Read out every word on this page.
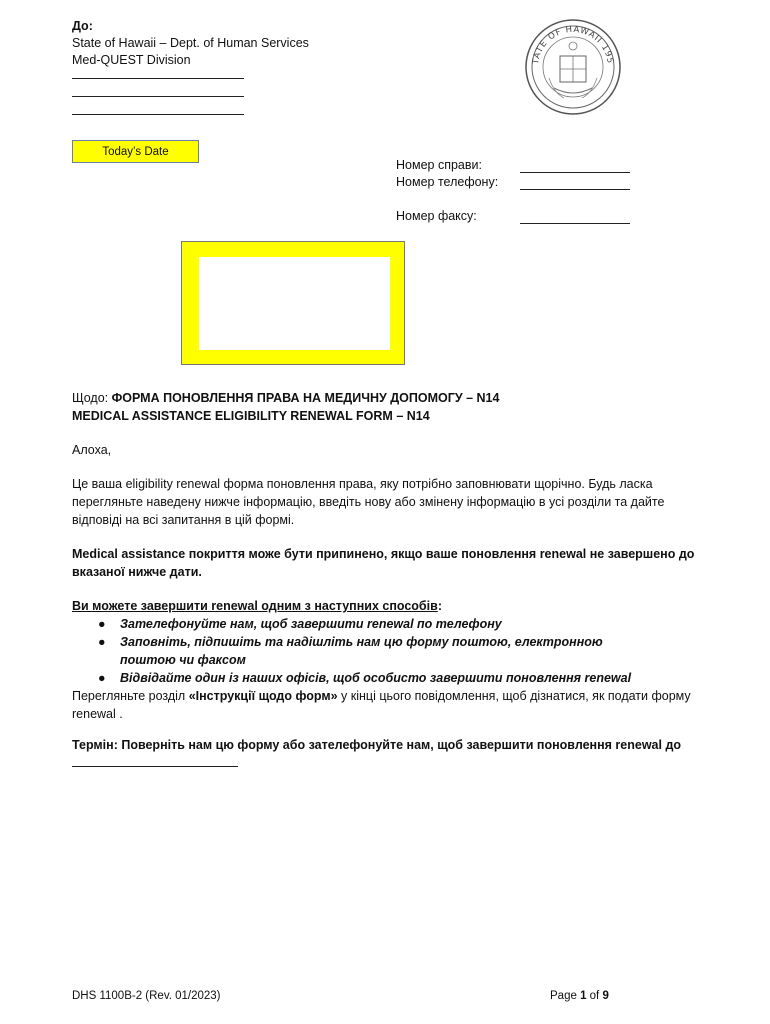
До:
State of Hawaii – Dept. of Human Services
Med-QUEST Division	TATE OF HAWAII 195
Today’s Date
Номер справи:
Номер телефону:
Номер факсу:
Щодо: ФОРМА ПОНОВЛЕННЯ ПРАВА НА МЕДИЧНУ ДОПОМОГУ – N14
MEDICAL ASSISTANCE ELIGIBILITY RENEWAL FORM – N14
Алоха,
Це ваша eligibility renewal форма поновлення права, яку потрібно заповнювати щорічно. Будь ласка перегляньте наведену нижче інформацію, введіть нову або змінену інформацію в усі розділи та дайте відповіді на всі запитання в цій формі.
Medical assistance покриття може бути припинено, якщо ваше поновлення renewal не завершено до вказаної нижче дати.
Ви можете завершити renewal одним з наступних способів:
● Зателефонуйте нам, щоб завершити renewal по телефону
● Заповніть, підпишіть та надішліть нам цю форму поштою, електронною поштою чи факсом
● Відвідайте один із наших офісів, щоб особисто завершити поновлення renewal
Перегляньте розділ «Інструкції щодо форм» у кінці цього повідомлення, щоб дізнатися, як подати форму renewal .
Термін: Поверніть нам цю форму або зателефонуйте нам, щоб завершити поновлення renewal до
DHS 1100B-2 (Rev. 01/2023)	Page 1 of 9
